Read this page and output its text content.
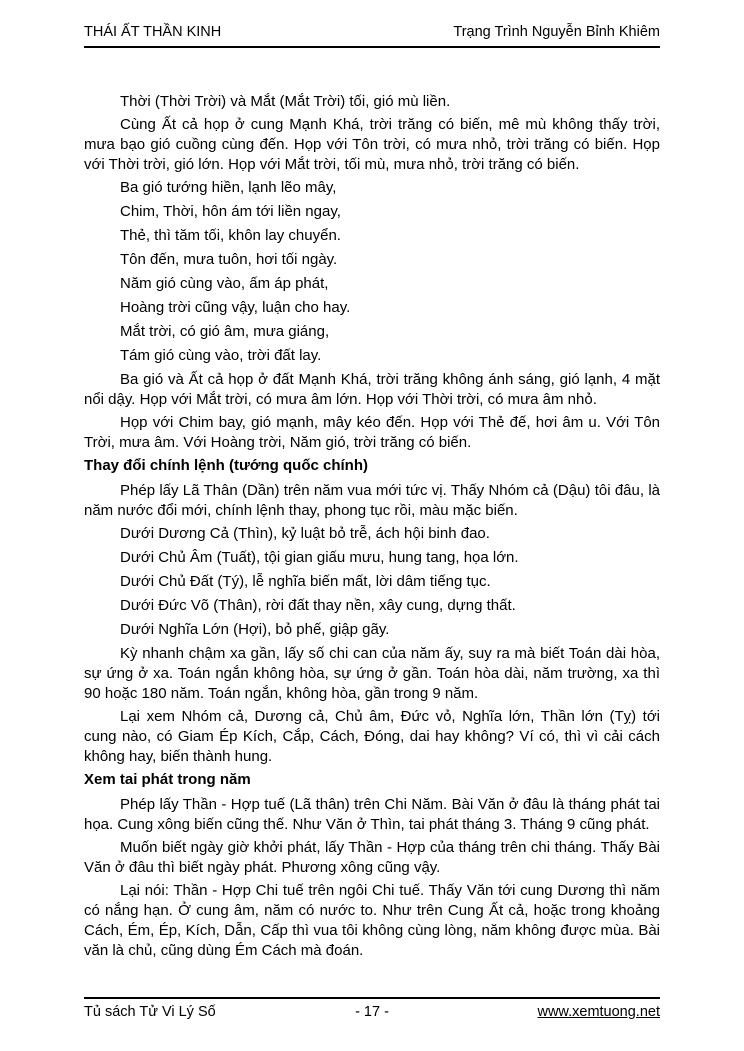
THÁI ẤT THẦN KINH	Trạng Trình Nguyễn Bỉnh Khiêm

Thời (Thời Trời) và Mắt (Mắt Trời) tối, gió mù liền.

Cùng Ất cả họp ở cung Mạnh Khá, trời trăng có biến, mê mù không thấy trời, mưa bạo gió cuồng cùng đến. Họp với Tôn trời, có mưa nhỏ, trời trăng có biến. Họp với Thời trời, gió lớn. Họp với Mắt trời, tối mù, mưa nhỏ, trời trăng có biến.

Ba gió tướng hiền, lạnh lẽo mây,

Chim, Thời, hôn ám tới liền ngay,

Thẻ, thì tăm tối, khôn lay chuyển.

Tôn đến, mưa tuôn, hơi tối ngày.

Năm gió cùng vào, ấm áp phát,

Hoàng trời cũng vậy, luận cho hay.

Mắt trời, có gió âm, mưa giáng,

Tám gió cùng vào, trời đất lay.

Ba gió và Ất cả họp ở đất Mạnh Khá, trời trăng không ánh sáng, gió lạnh, 4 mặt nổi dậy. Họp với Mắt trời, có mưa âm lớn. Họp với Thời trời, có mưa âm nhỏ.

Họp với Chim bay, gió mạnh, mây kéo đến. Họp với Thẻ đế, hơi âm u. Với Tôn Trời, mưa âm. Với Hoàng trời, Năm gió, trời trăng có biến.

Thay đổi chính lệnh (tướng quốc chính)

Phép lấy Lã Thân (Dần) trên năm vua mới tức vị. Thấy Nhóm cả (Dậu) tôi đâu, là năm nước đổi mới, chính lệnh thay, phong tục rồi, màu mặc biến.

Dưới Dương Cả (Thìn), kỷ luật bỏ trễ, ách hội binh đao.

Dưới Chủ Âm (Tuất), tội gian giấu mưu, hung tang, họa lớn.

Dưới Chủ Đất (Tý), lễ nghĩa biến mất, lời dâm tiếng tục.

Dưới Đức Võ (Thân), rời đất thay nền, xây cung, dựng thất.

Dưới Nghĩa Lớn (Hợi), bỏ phế, giập gãy.

Kỳ nhanh chậm xa gần, lấy số chi can của năm ấy, suy ra mà biết Toán dài hòa, sự ứng ở xa. Toán ngắn không hòa, sự ứng ở gần. Toán hòa dài, năm trường, xa thì 90 hoặc 180 năm. Toán ngắn, không hòa, gần trong 9 năm.

Lại xem Nhóm cả, Dương cả, Chủ âm, Đức vỏ, Nghĩa lớn, Thần lớn (Tỵ) tới cung nào, có Giam Ép Kích, Cắp, Cách, Đóng, dai hay không? Ví có, thì vì cải cách không hay, biến thành hung.

Xem tai phát trong năm

Phép lấy Thần - Hợp tuế (Lã thân) trên Chi Năm. Bài Văn ở đâu là tháng phát tai họa. Cung xông biến cũng thế. Như Văn ở Thìn, tai phát tháng 3. Tháng 9 cũng phát.

Muốn biết ngày giờ khởi phát, lấy Thần - Hợp của tháng trên chi tháng. Thấy Bài Văn ở đâu thì biết ngày phát. Phương xông cũng vậy.

Lại nói: Thần - Hợp Chi tuế trên ngôi Chi tuế. Thấy Văn tới cung Dương thì năm có nắng hạn. Ở cung âm, năm có nước to. Như trên Cung Ất cả, hoặc trong khoảng Cách, Ém, Ép, Kích, Dẫn, Cấp thì vua tôi không cùng lòng, năm không được mùa. Bài văn là chủ, cũng dùng Ém Cách mà đoán.

Tủ sách Tử Vi Lý Số	- 17 -	www.xemtuong.net
